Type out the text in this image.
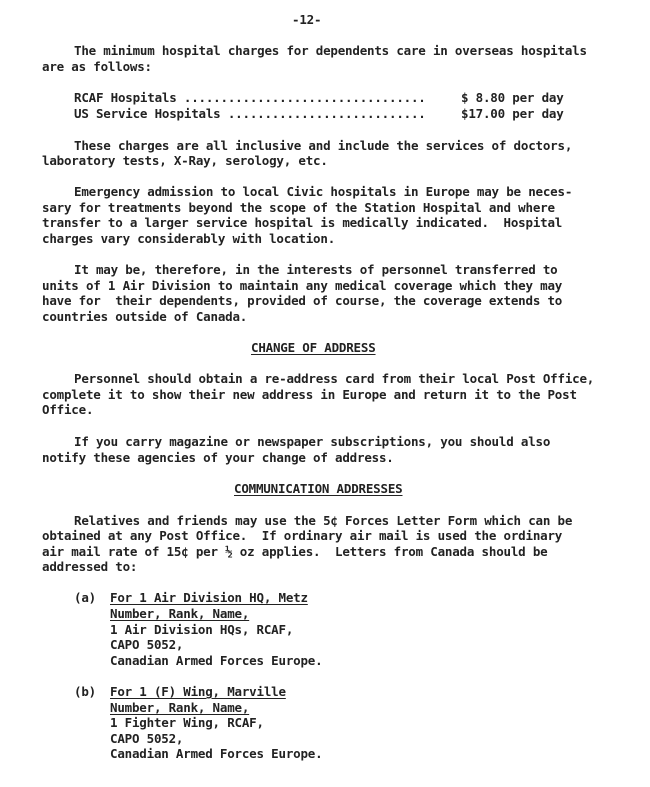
-12-
The minimum hospital charges for dependents care in overseas hospitals
are as follows:
RCAF Hospitals .................................	$ 8.80 per day
US Service Hospitals ...........................	$17.00 per day
These charges are all inclusive and include the services of doctors,
laboratory tests, X-Ray, serology, etc.
Emergency admission to local Civic hospitals in Europe may be neces-
sary for treatments beyond the scope of the Station Hospital and where
transfer to a larger service hospital is medically indicated.  Hospital
charges vary considerably with location.
It may be, therefore, in the interests of personnel transferred to
units of 1 Air Division to maintain any medical coverage which they may
have for  their dependents, provided of course, the coverage extends to
countries outside of Canada.
CHANGE OF ADDRESS
Personnel should obtain a re-address card from their local Post Office,
complete it to show their new address in Europe and return it to the Post
Office.
If you carry magazine or newspaper subscriptions, you should also
notify these agencies of your change of address.
COMMUNICATION ADDRESSES
Relatives and friends may use the 5¢ Forces Letter Form which can be
obtained at any Post Office.  If ordinary air mail is used the ordinary
air mail rate of 15¢ per ½ oz applies.  Letters from Canada should be
addressed to:
(a) For 1 Air Division HQ, Metz
Number, Rank, Name,
1 Air Division HQs, RCAF,
CAPO 5052,
Canadian Armed Forces Europe.
(b) For 1 (F) Wing, Marville
Number, Rank, Name,
1 Fighter Wing, RCAF,
CAPO 5052,
Canadian Armed Forces Europe.
